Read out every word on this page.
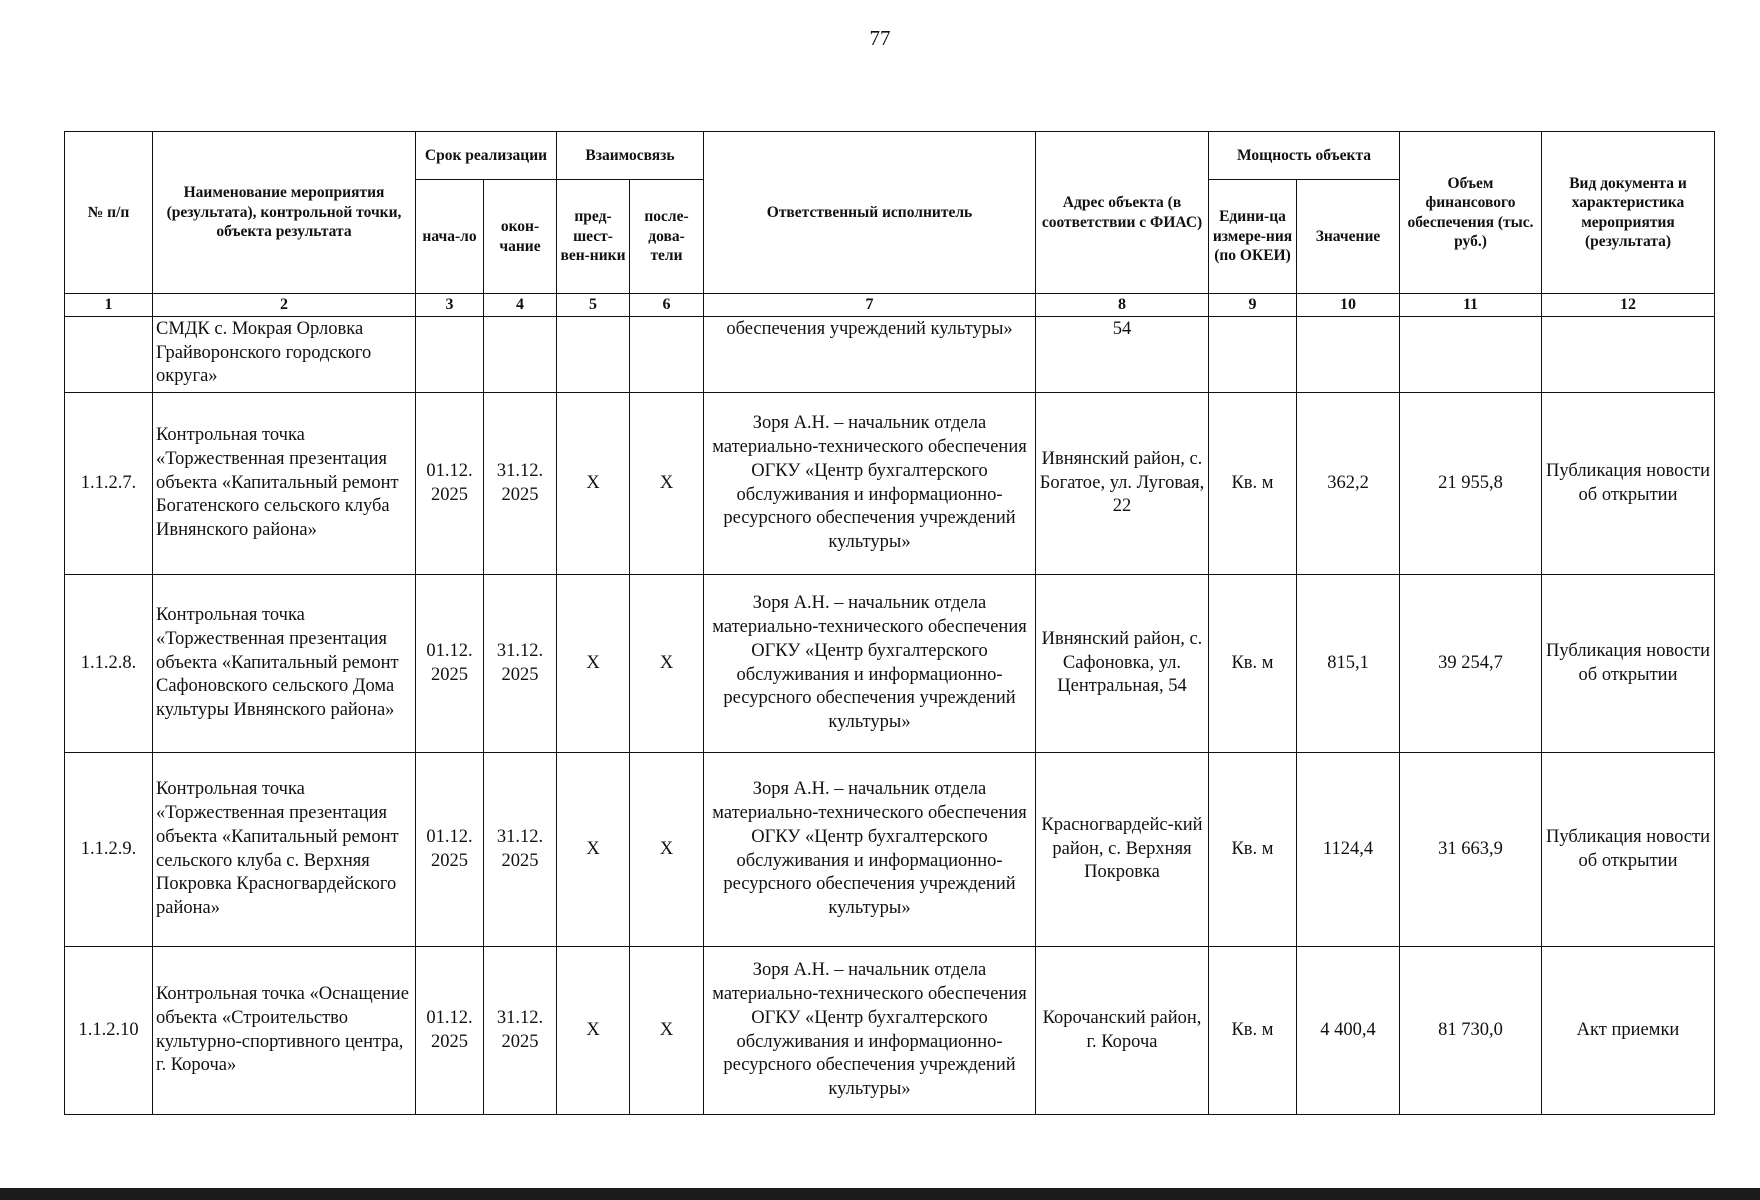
77
№ п/п	Наименование мероприятия (результата), контрольной точки, объекта результата	Срок реализации		Взаимосвязь		Ответственный исполнитель	Адрес объекта (в соответствии с ФИАС)	Мощность объекта		Объем финансового обеспечения (тыс. руб.)	Вид документа и характеристика мероприятия (результата)
		нача-ло	окон-чание	пред-шест-вен-ники	после-дова-тели			Едини-ца измере-ния (по ОКЕИ)	Значение		
1	2	3	4	5	6	7	8	9	10	11	12
	СМДК с. Мокрая Орловка Грайворонского городского округа»					обеспечения учреждений культуры»	54				
1.1.2.7.	Контрольная точка «Торжественная презентация объекта «Капитальный ремонт Богатенского сельского клуба Ивнянского района»	01.12. 2025	31.12. 2025	X	X	Зоря А.Н. – начальник отдела материально-технического обеспечения ОГКУ «Центр бухгалтерского обслуживания и информационно-ресурсного обеспечения учреждений культуры»	Ивнянский район, с. Богатое, ул. Луговая, 22	Кв. м	362,2	21 955,8	Публикация новости об открытии
1.1.2.8.	Контрольная точка «Торжественная презентация объекта «Капитальный ремонт Сафоновского сельского Дома культуры Ивнянского района»	01.12. 2025	31.12. 2025	X	X	Зоря А.Н. – начальник отдела материально-технического обеспечения ОГКУ «Центр бухгалтерского обслуживания и информационно-ресурсного обеспечения учреждений культуры»	Ивнянский район, с. Сафоновка, ул. Центральная, 54	Кв. м	815,1	39 254,7	Публикация новости об открытии
1.1.2.9.	Контрольная точка «Торжественная презентация объекта «Капитальный ремонт сельского клуба с. Верхняя Покровка Красногвардейского района»	01.12. 2025	31.12. 2025	X	X	Зоря А.Н. – начальник отдела материально-технического обеспечения ОГКУ «Центр бухгалтерского обслуживания и информационно-ресурсного обеспечения учреждений культуры»	Красногвардейс-кий район, с. Верхняя Покровка	Кв. м	1124,4	31 663,9	Публикация новости об открытии
1.1.2.10	Контрольная точка «Оснащение объекта «Строительство культурно-спортивного центра, г. Короча»	01.12. 2025	31.12. 2025	X	X	Зоря А.Н. – начальник отдела материально-технического обеспечения ОГКУ «Центр бухгалтерского обслуживания и информационно-ресурсного обеспечения учреждений культуры»	Корочанский район, г. Короча	Кв. м	4 400,4	81 730,0	Акт приемки
